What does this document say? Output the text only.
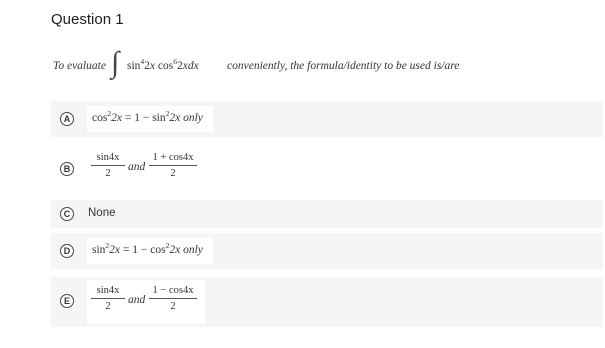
Question 1
To evaluate ∫ $\sin^42x$ $\cos^62xdx$ conveniently, the formula/identity to be used is/are
A	$\cos^22x = 1 - \sin^22x$ only
B	$\frac{\sin 4x}{2}$ and $\frac{1 + \cos 4x}{2}$
C	None
D	$\sin^22x = 1 - \cos^22x$ only
E	$\frac{\sin 4x}{2}$ and $\frac{1 - \cos 4x}{2}$
